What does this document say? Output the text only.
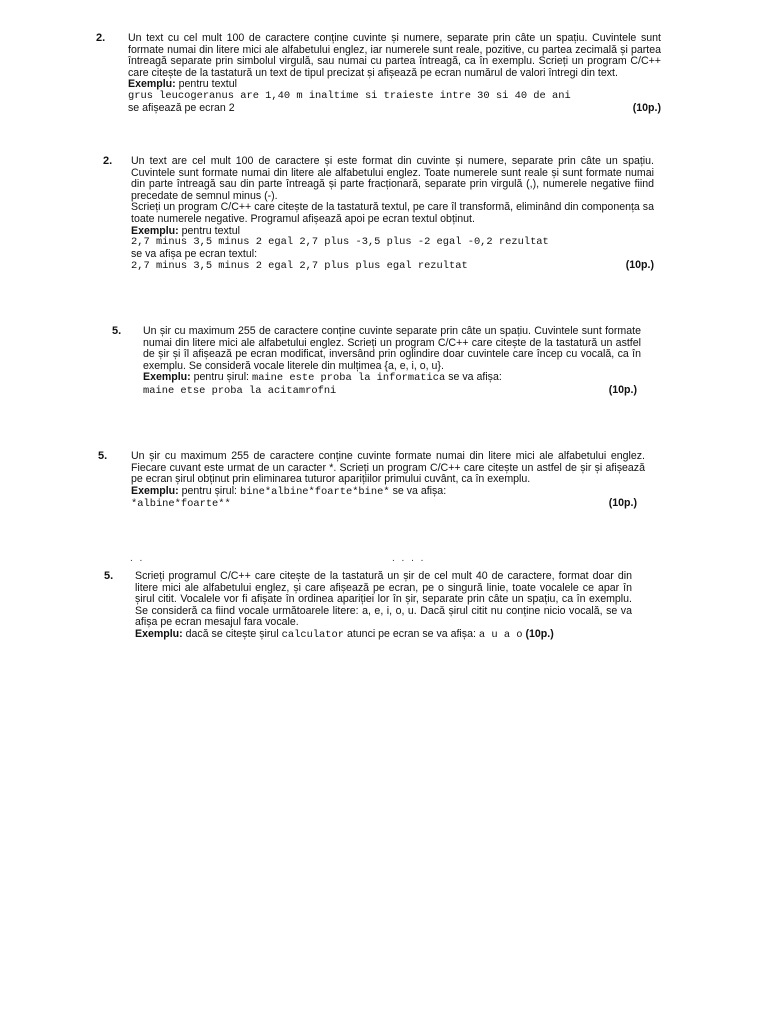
2. Un text cu cel mult 100 de caractere conține cuvinte și numere, separate prin câte un spațiu. Cuvintele sunt formate numai din litere mici ale alfabetului englez, iar numerele sunt reale, pozitive, cu partea zecimală și partea întreagă separate prin simbolul virgulă, sau numai cu partea întreagă, ca în exemplu. Scrieți un program C/C++ care citește de la tastatură un text de tipul precizat și afișează pe ecran numărul de valori întregi din text.

Exemplu: pentru textul

grus leucogeranus are 1,40 m inaltime si traieste intre 30 si 40 de ani

se afișează pe ecran 2	(10p.)

2. Un text are cel mult 100 de caractere și este format din cuvinte și numere, separate prin câte un spațiu. Cuvintele sunt formate numai din litere ale alfabetului englez. Toate numerele sunt reale și sunt formate numai din parte întreagă sau din parte întreagă și parte fracționară, separate prin virgulă (,), numerele negative fiind precedate de semnul minus (-).

Scrieți un program C/C++ care citește de la tastatură textul, pe care îl transformă, eliminând din componența sa toate numerele negative. Programul afișează apoi pe ecran textul obținut.

Exemplu: pentru textul

2,7 minus 3,5 minus 2 egal 2,7 plus -3,5 plus -2 egal -0,2 rezultat

se va afișa pe ecran textul:

2,7 minus 3,5 minus 2 egal 2,7 plus plus egal rezultat	(10p.)

5. Un șir cu maximum 255 de caractere conține cuvinte separate prin câte un spațiu. Cuvintele sunt formate numai din litere mici ale alfabetului englez. Scrieți un program C/C++ care citește de la tastatură un astfel de șir și îl afișează pe ecran modificat, inversând prin oglindire doar cuvintele care încep cu vocală, ca în exemplu. Se consideră vocale literele din mulțimea {a, e, i, o, u}.

Exemplu: pentru șirul: maine este proba la informatica se va afișa:

maine etse proba la acitamrofni	(10p.)

5. Un șir cu maximum 255 de caractere conține cuvinte formate numai din litere mici ale alfabetului englez. Fiecare cuvant este urmat de un caracter *. Scrieți un program C/C++ care citește un astfel de șir și afișează pe ecran șirul obținut prin eliminarea tuturor aparițiilor primului cuvânt, ca în exemplu.

Exemplu: pentru șirul: bine*albine*foarte*bine* se va afișa:

*albine*foarte**	(10p.)

. .	. . . .
5. Scrieți programul C/C++ care citește de la tastatură un șir de cel mult 40 de caractere, format doar din litere mici ale alfabetului englez, și care afișează pe ecran, pe o singură linie, toate vocalele ce apar în șirul citit. Vocalele vor fi afișate în ordinea apariției lor în șir, separate prin câte un spațiu, ca în exemplu. Se consideră ca fiind vocale următoarele litere: a, e, i, o, u. Dacă șirul citit nu conține nicio vocală, se va afișa pe ecran mesajul fara vocale.

Exemplu: dacă se citește șirul calculator atunci pe ecran se va afișa: a u a o (10p.)
